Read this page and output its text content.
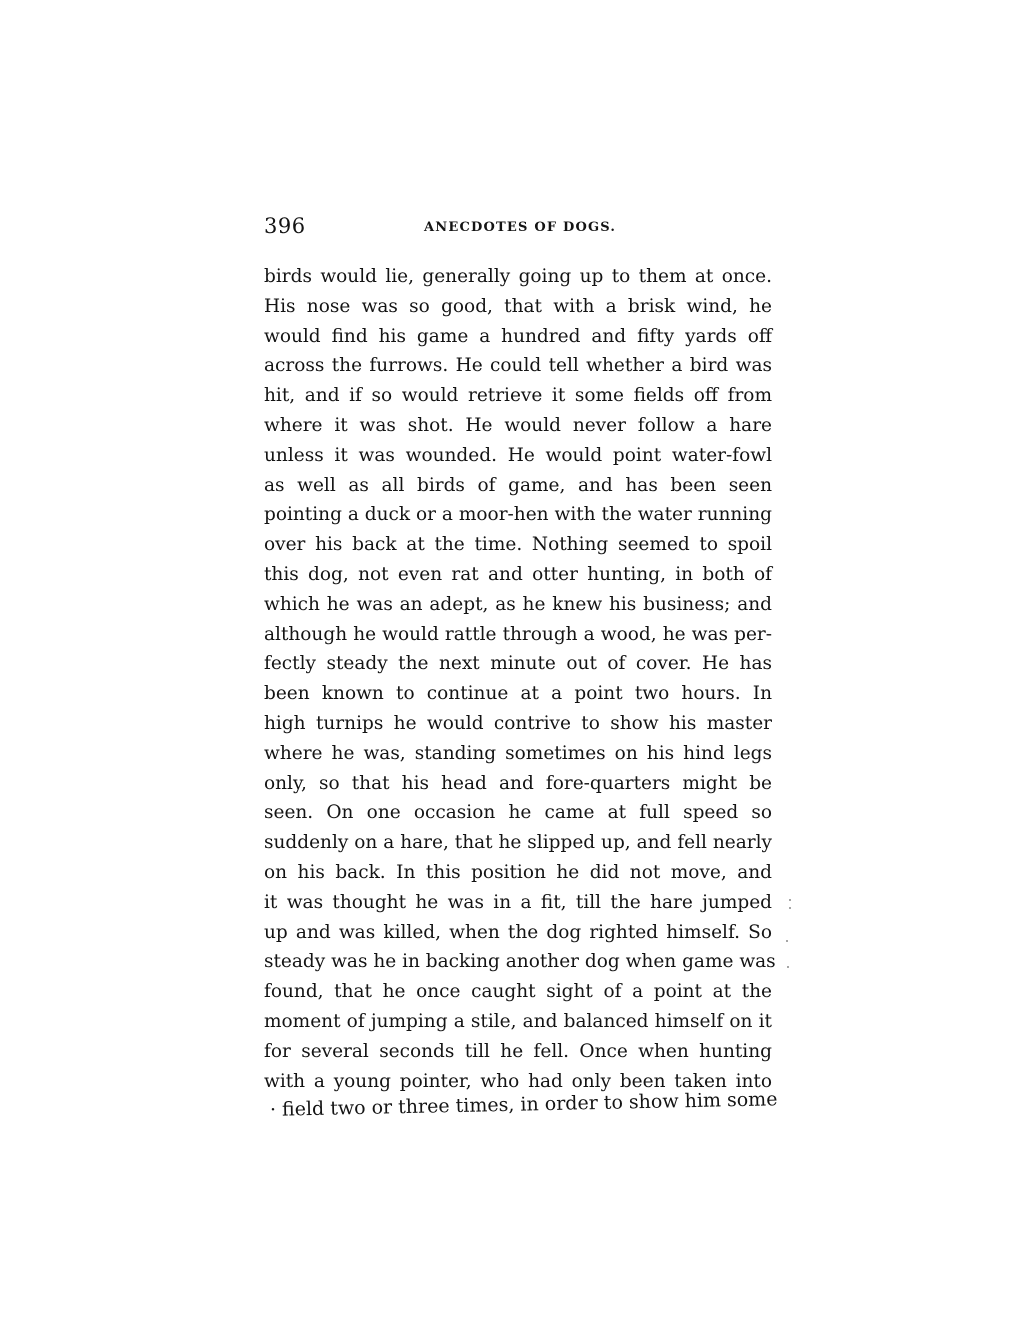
396	ANECDOTES OF DOGS.
birds would lie, generally going up to them at once.
His nose was so good, that with a brisk wind, he
would find his game a hundred and fifty yards off
across the furrows. He could tell whether a bird was
hit, and if so would retrieve it some fields off from
where it was shot. He would never follow a hare
unless it was wounded. He would point water-fowl
as well as all birds of game, and has been seen
pointing a duck or a moor-hen with the water running
over his back at the time. Nothing seemed to spoil
this dog, not even rat and otter hunting, in both of
which he was an adept, as he knew his business; and
although he would rattle through a wood, he was per-
fectly steady the next minute out of cover. He has
been known to continue at a point two hours. In
high turnips he would contrive to show his master
where he was, standing sometimes on his hind legs
only, so that his head and fore-quarters might be
seen. On one occasion he came at full speed so
suddenly on a hare, that he slipped up, and fell nearly
on his back. In this position he did not move, and
it was thought he was in a fit, till the hare jumped
up and was killed, when the dog righted himself. So
steady was he in backing another dog when game was
found, that he once caught sight of a point at the
moment of jumping a stile, and balanced himself on it
for several seconds till he fell. Once when hunting
with a young pointer, who had only been taken into
· field two or three times, in order to show him some
